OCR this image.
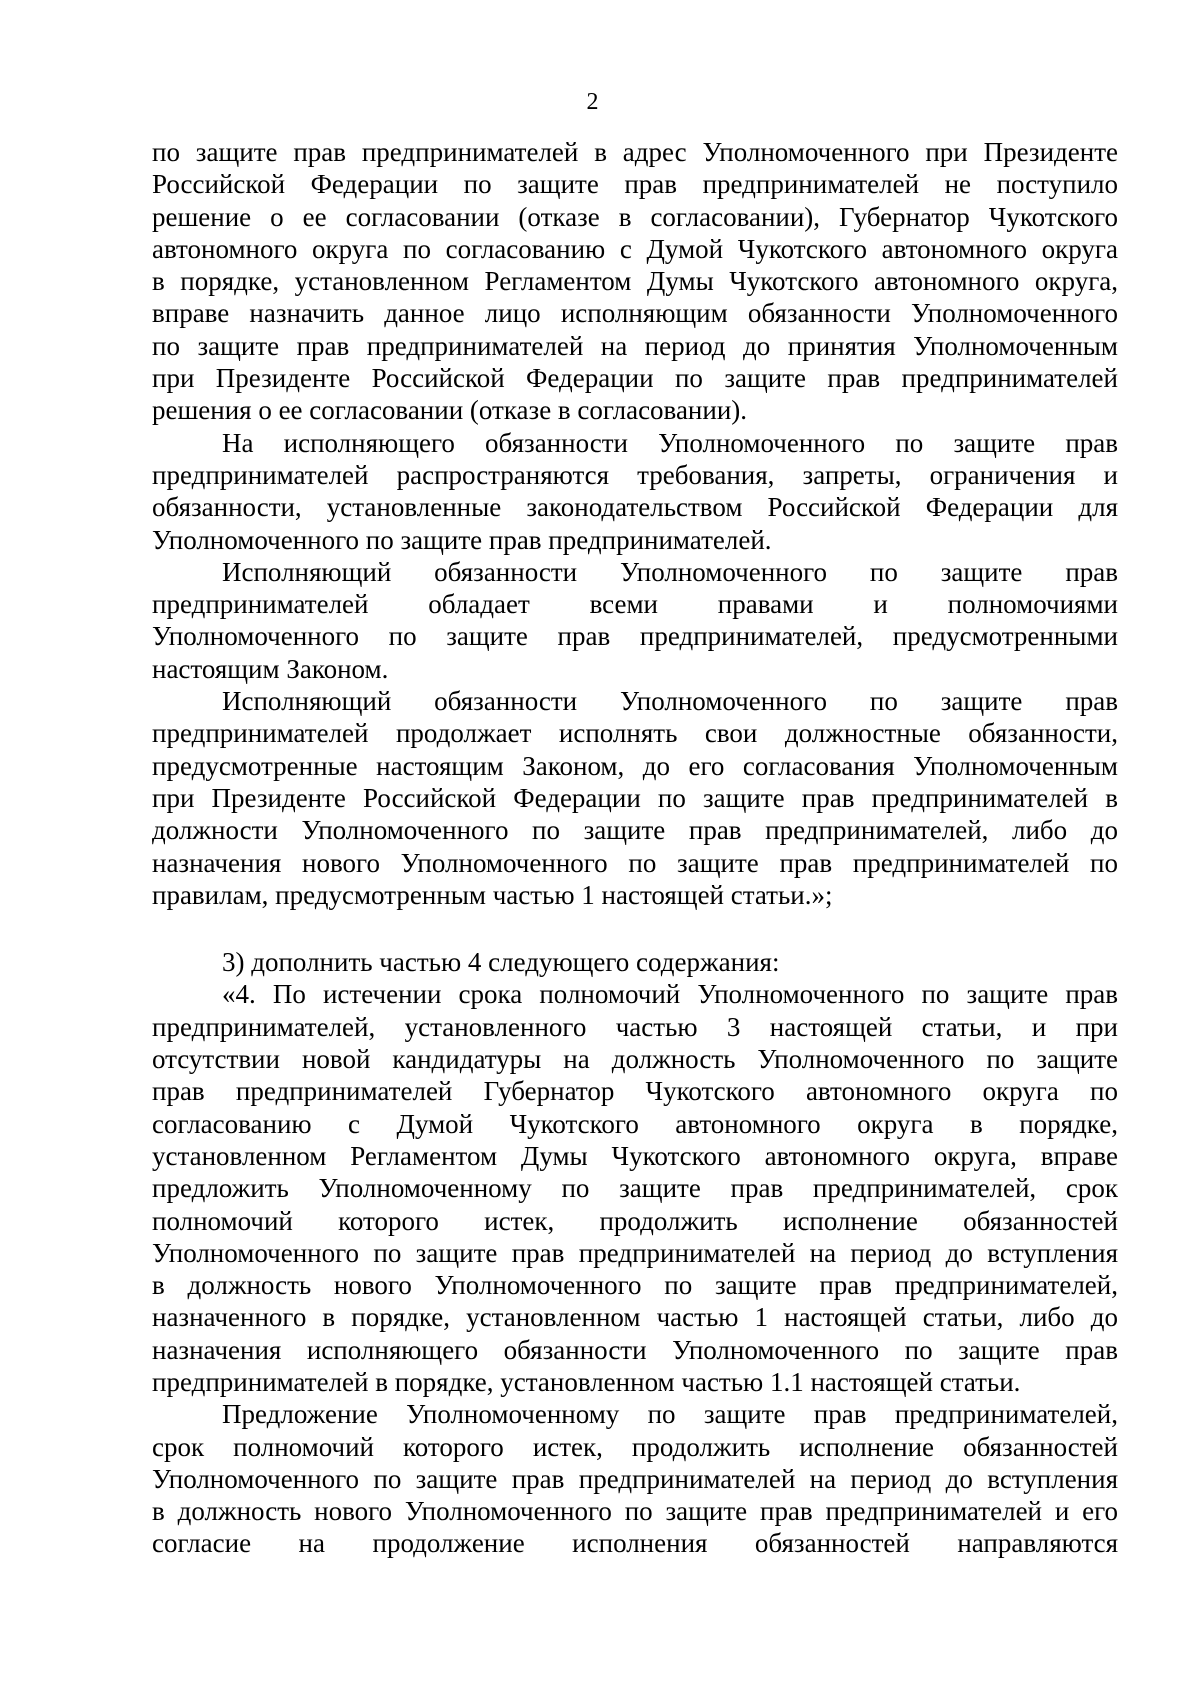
2
по защите прав предпринимателей в адрес Уполномоченного при Президенте
Российской Федерации по защите прав предпринимателей не поступило
решение о ее согласовании (отказе в согласовании), Губернатор Чукотского
автономного округа по согласованию с Думой Чукотского автономного округа
в порядке, установленном Регламентом Думы Чукотского автономного округа,
вправе назначить данное лицо исполняющим обязанности Уполномоченного
по защите прав предпринимателей на период до принятия Уполномоченным
при Президенте Российской Федерации по защите прав предпринимателей
решения о ее согласовании (отказе в согласовании).
На исполняющего обязанности Уполномоченного по защите прав
предпринимателей распространяются требования, запреты, ограничения и
обязанности, установленные законодательством Российской Федерации для
Уполномоченного по защите прав предпринимателей.
Исполняющий обязанности Уполномоченного по защите прав
предпринимателей обладает всеми правами и полномочиями
Уполномоченного по защите прав предпринимателей, предусмотренными
настоящим Законом.
Исполняющий обязанности Уполномоченного по защите прав
предпринимателей продолжает исполнять свои должностные обязанности,
предусмотренные настоящим Законом, до его согласования Уполномоченным
при Президенте Российской Федерации по защите прав предпринимателей в
должности Уполномоченного по защите прав предпринимателей, либо до
назначения нового Уполномоченного по защите прав предпринимателей по
правилам, предусмотренным частью 1 настоящей статьи.»;
3) дополнить частью 4 следующего содержания:
«4. По истечении срока полномочий Уполномоченного по защите прав
предпринимателей, установленного частью 3 настоящей статьи, и при
отсутствии новой кандидатуры на должность Уполномоченного по защите
прав предпринимателей Губернатор Чукотского автономного округа по
согласованию с Думой Чукотского автономного округа в порядке,
установленном Регламентом Думы Чукотского автономного округа, вправе
предложить Уполномоченному по защите прав предпринимателей, срок
полномочий которого истек, продолжить исполнение обязанностей
Уполномоченного по защите прав предпринимателей на период до вступления
в должность нового Уполномоченного по защите прав предпринимателей,
назначенного в порядке, установленном частью 1 настоящей статьи, либо до
назначения исполняющего обязанности Уполномоченного по защите прав
предпринимателей в порядке, установленном частью 1.1 настоящей статьи.
Предложение Уполномоченному по защите прав предпринимателей,
срок полномочий которого истек, продолжить исполнение обязанностей
Уполномоченного по защите прав предпринимателей на период до вступления
в должность нового Уполномоченного по защите прав предпринимателей и его
согласие на продолжение исполнения обязанностей направляются
